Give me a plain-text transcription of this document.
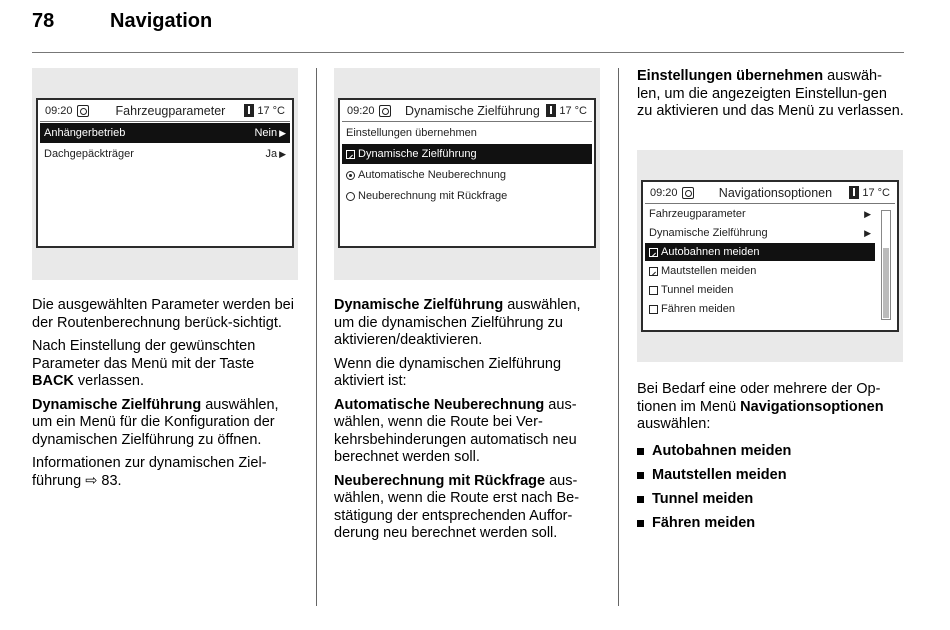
78	Navigation
09:20	Fahrzeugparameter	17 °C
Anhängerbetrieb	Nein ▶
Dachgepäckträger	Ja ▶

Die ausgewählten Parameter werden bei der Routenberechnung berück-sichtigt.

Nach Einstellung der gewünschten Parameter das Menü mit der Taste BACK verlassen.

Dynamische Zielführung auswählen, um ein Menü für die Konfiguration der dynamischen Zielführung zu öffnen.

Informationen zur dynamischen Ziel-führung ⇨ 83.

09:20	Dynamische Zielführung	17 °C
Einstellungen übernehmen
Dynamische Zielführung
Automatische Neuberechnung
Neuberechnung mit Rückfrage

Dynamische Zielführung auswählen, um die dynamischen Zielführung zu aktivieren/deaktivieren.

Wenn die dynamischen Zielführung aktiviert ist:

Automatische Neuberechnung aus-wählen, wenn die Route bei Ver-kehrsbehinderungen automatisch neu berechnet werden soll.

Neuberechnung mit Rückfrage aus-wählen, wenn die Route erst nach Be-stätigung der entsprechenden Auffor-derung neu berechnet werden soll.

Einstellungen übernehmen auswäh-len, um die angezeigten Einstellun-gen zu aktivieren und das Menü zu verlassen.

09:20	Navigationsoptionen	17 °C
Fahrzeugparameter	▶
Dynamische Zielführung	▶
Autobahnen meiden
Mautstellen meiden
Tunnel meiden
Fähren meiden

Bei Bedarf eine oder mehrere der Op-tionen im Menü Navigationsoptionen auswählen:

Autobahnen meiden
Mautstellen meiden
Tunnel meiden
Fähren meiden
